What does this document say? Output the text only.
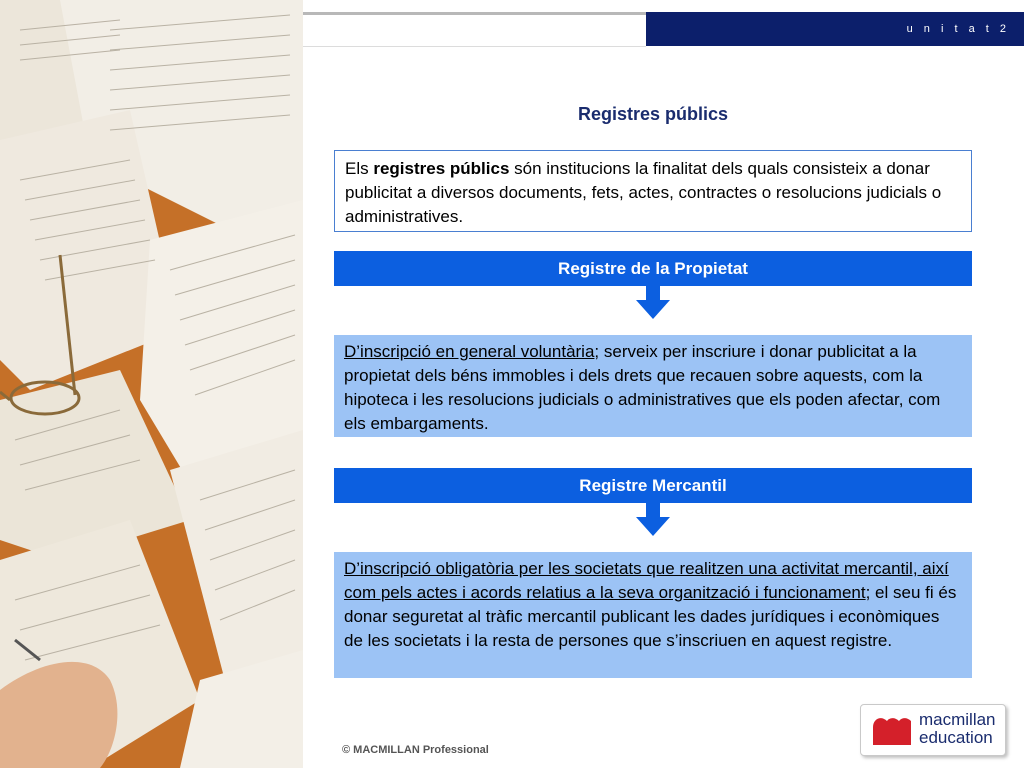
u n i t a t 2
Registres públics
Els registres públics són institucions la finalitat dels quals consisteix a donar publicitat a diversos documents, fets, actes, contractes o resolucions judicials o administratives.
Registre de la Propietat
D’inscripció en general voluntària; serveix per inscriure i donar publicitat a la propietat dels béns immobles i dels drets que recauen sobre aquests, com la hipoteca i les resolucions judicials o administratives que els poden afectar, com els embargaments.
Registre Mercantil
D’inscripció obligatòria per les societats que realitzen una activitat mercantil, així com pels actes i acords relatius a la seva organització i funcionament; el seu fi és donar seguretat al tràfic mercantil publicant les dades jurídiques i econòmiques de les societats i la resta de persones que s’inscriuen en aquest registre.
© MACMILLAN Professional
macmillan
education
